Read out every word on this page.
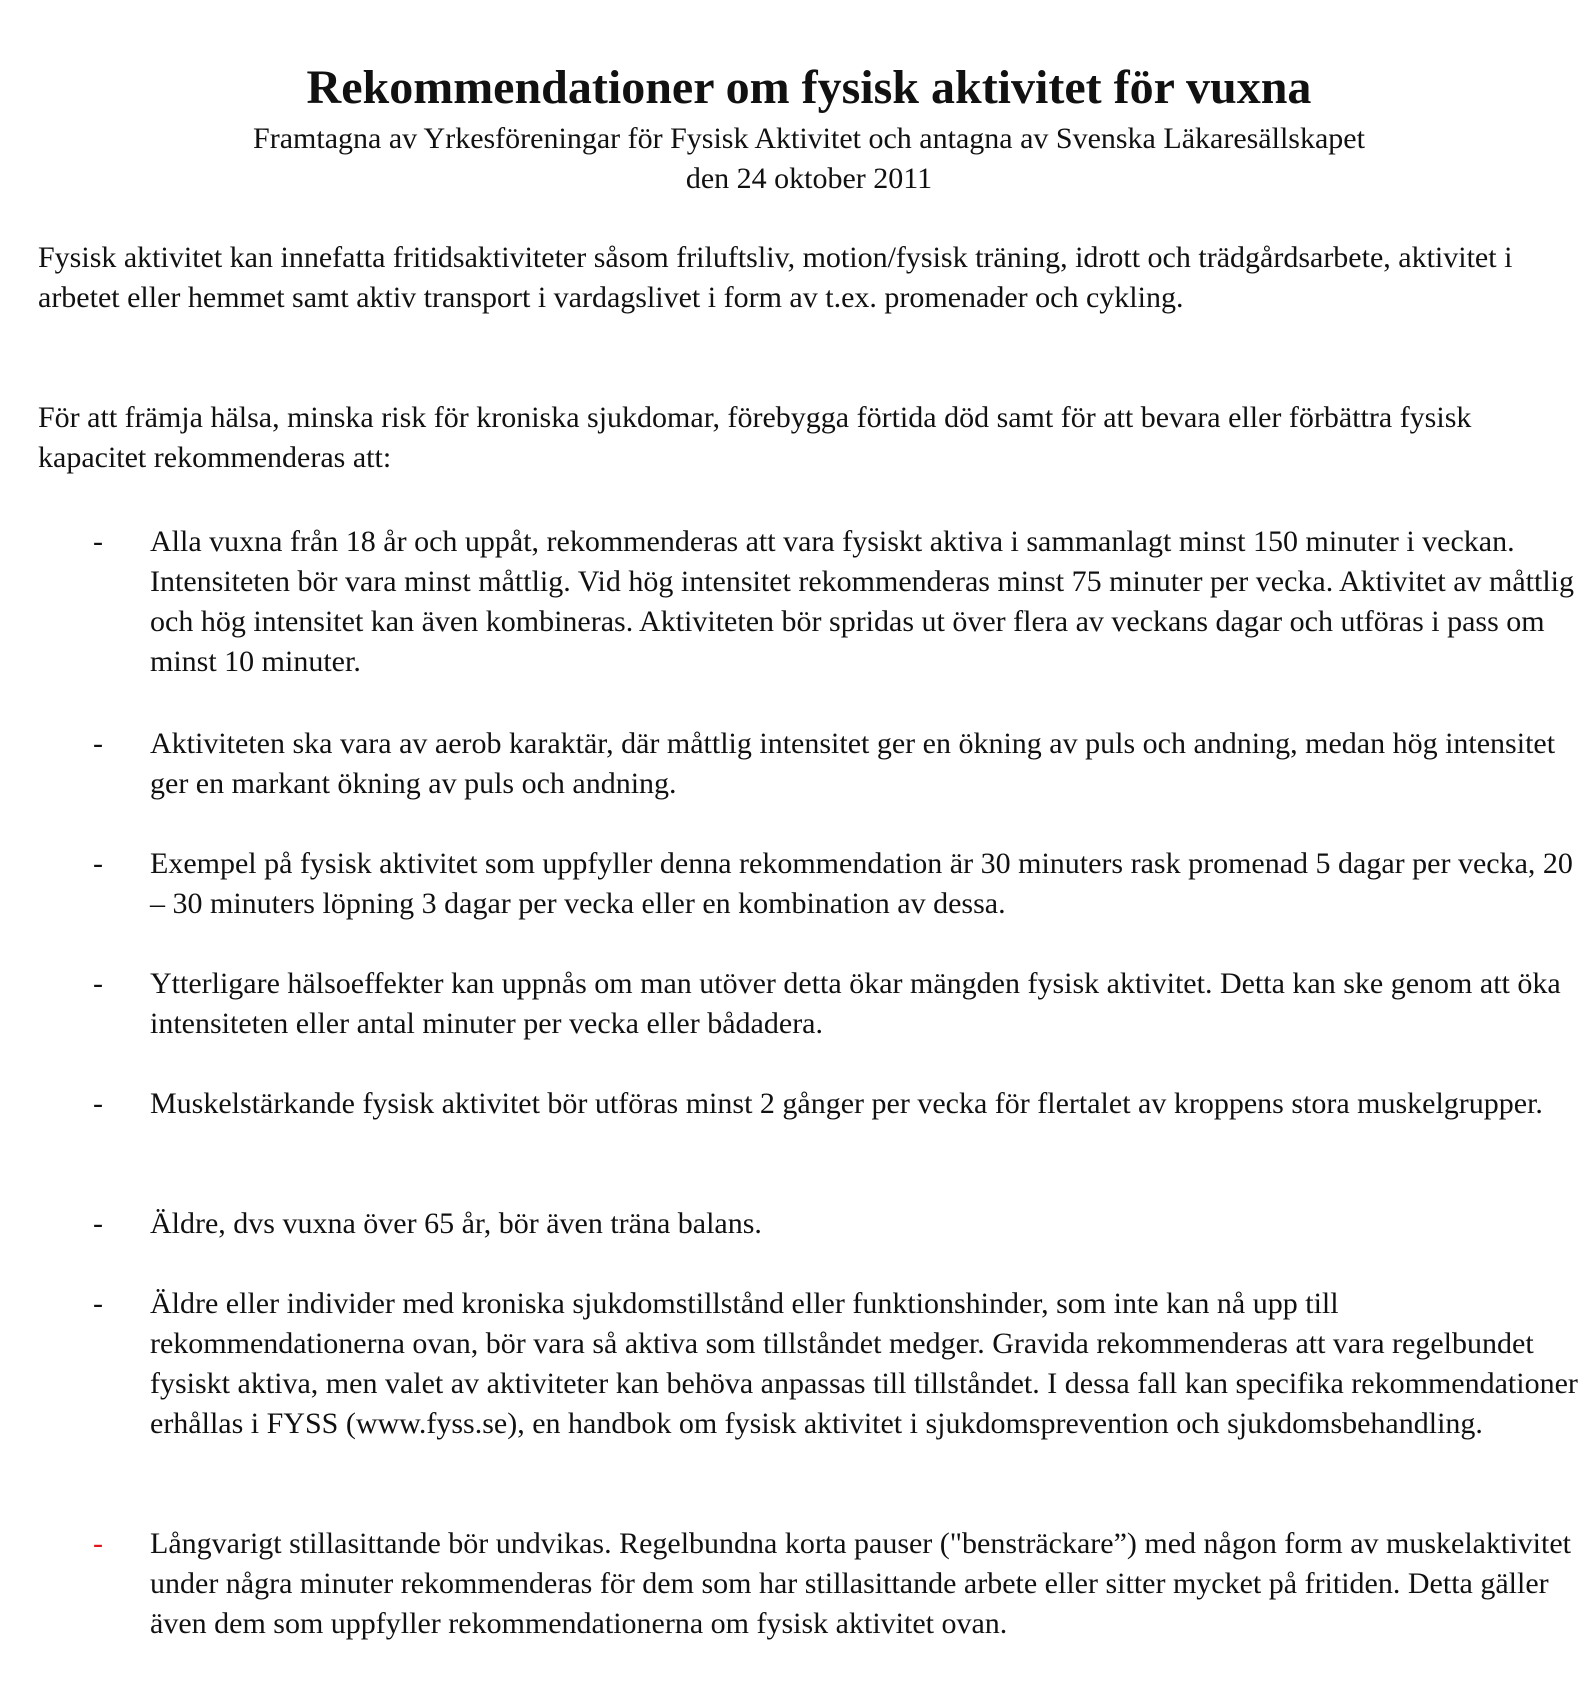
Rekommendationer om fysisk aktivitet för vuxna

Framtagna av Yrkesföreningar för Fysisk Aktivitet och antagna av Svenska Läkaresällskapet

den 24 oktober 2011

Fysisk aktivitet kan innefatta fritidsaktiviteter såsom friluftsliv, motion/fysisk träning, idrott och trädgårdsarbete, aktivitet i arbetet eller hemmet samt aktiv transport i vardagslivet i form av t.ex. promenader och cykling.

För att främja hälsa, minska risk för kroniska sjukdomar, förebygga förtida död samt för att bevara eller förbättra fysisk kapacitet rekommenderas att:

- Alla vuxna från 18 år och uppåt, rekommenderas att vara fysiskt aktiva i sammanlagt minst 150 minuter i veckan. Intensiteten bör vara minst måttlig. Vid hög intensitet rekommenderas minst 75 minuter per vecka. Aktivitet av måttlig och hög intensitet kan även kombineras. Aktiviteten bör spridas ut över flera av veckans dagar och utföras i pass om minst 10 minuter.

- Aktiviteten ska vara av aerob karaktär, där måttlig intensitet ger en ökning av puls och andning, medan hög intensitet ger en markant ökning av puls och andning.

- Exempel på fysisk aktivitet som uppfyller denna rekommendation är 30 minuters rask promenad 5 dagar per vecka, 20 – 30 minuters löpning 3 dagar per vecka eller en kombination av dessa.

- Ytterligare hälsoeffekter kan uppnås om man utöver detta ökar mängden fysisk aktivitet. Detta kan ske genom att öka intensiteten eller antal minuter per vecka eller bådadera.

- Muskelstärkande fysisk aktivitet bör utföras minst 2 gånger per vecka för flertalet av kroppens stora muskelgrupper.

- Äldre, dvs vuxna över 65 år, bör även träna balans.

- Äldre eller individer med kroniska sjukdomstillstånd eller funktionshinder, som inte kan nå upp till rekommendationerna ovan, bör vara så aktiva som tillståndet medger. Gravida rekommenderas att vara regelbundet fysiskt aktiva, men valet av aktiviteter kan behöva anpassas till tillståndet. I dessa fall kan specifika rekommendationer erhållas i FYSS (www.fyss.se), en handbok om fysisk aktivitet i sjukdomsprevention och sjukdomsbehandling.

- Långvarigt stillasittande bör undvikas. Regelbundna korta pauser ("bensträckare”) med någon form av muskelaktivitet under några minuter rekommenderas för dem som har stillasittande arbete eller sitter mycket på fritiden. Detta gäller även dem som uppfyller rekommendationerna om fysisk aktivitet ovan.
